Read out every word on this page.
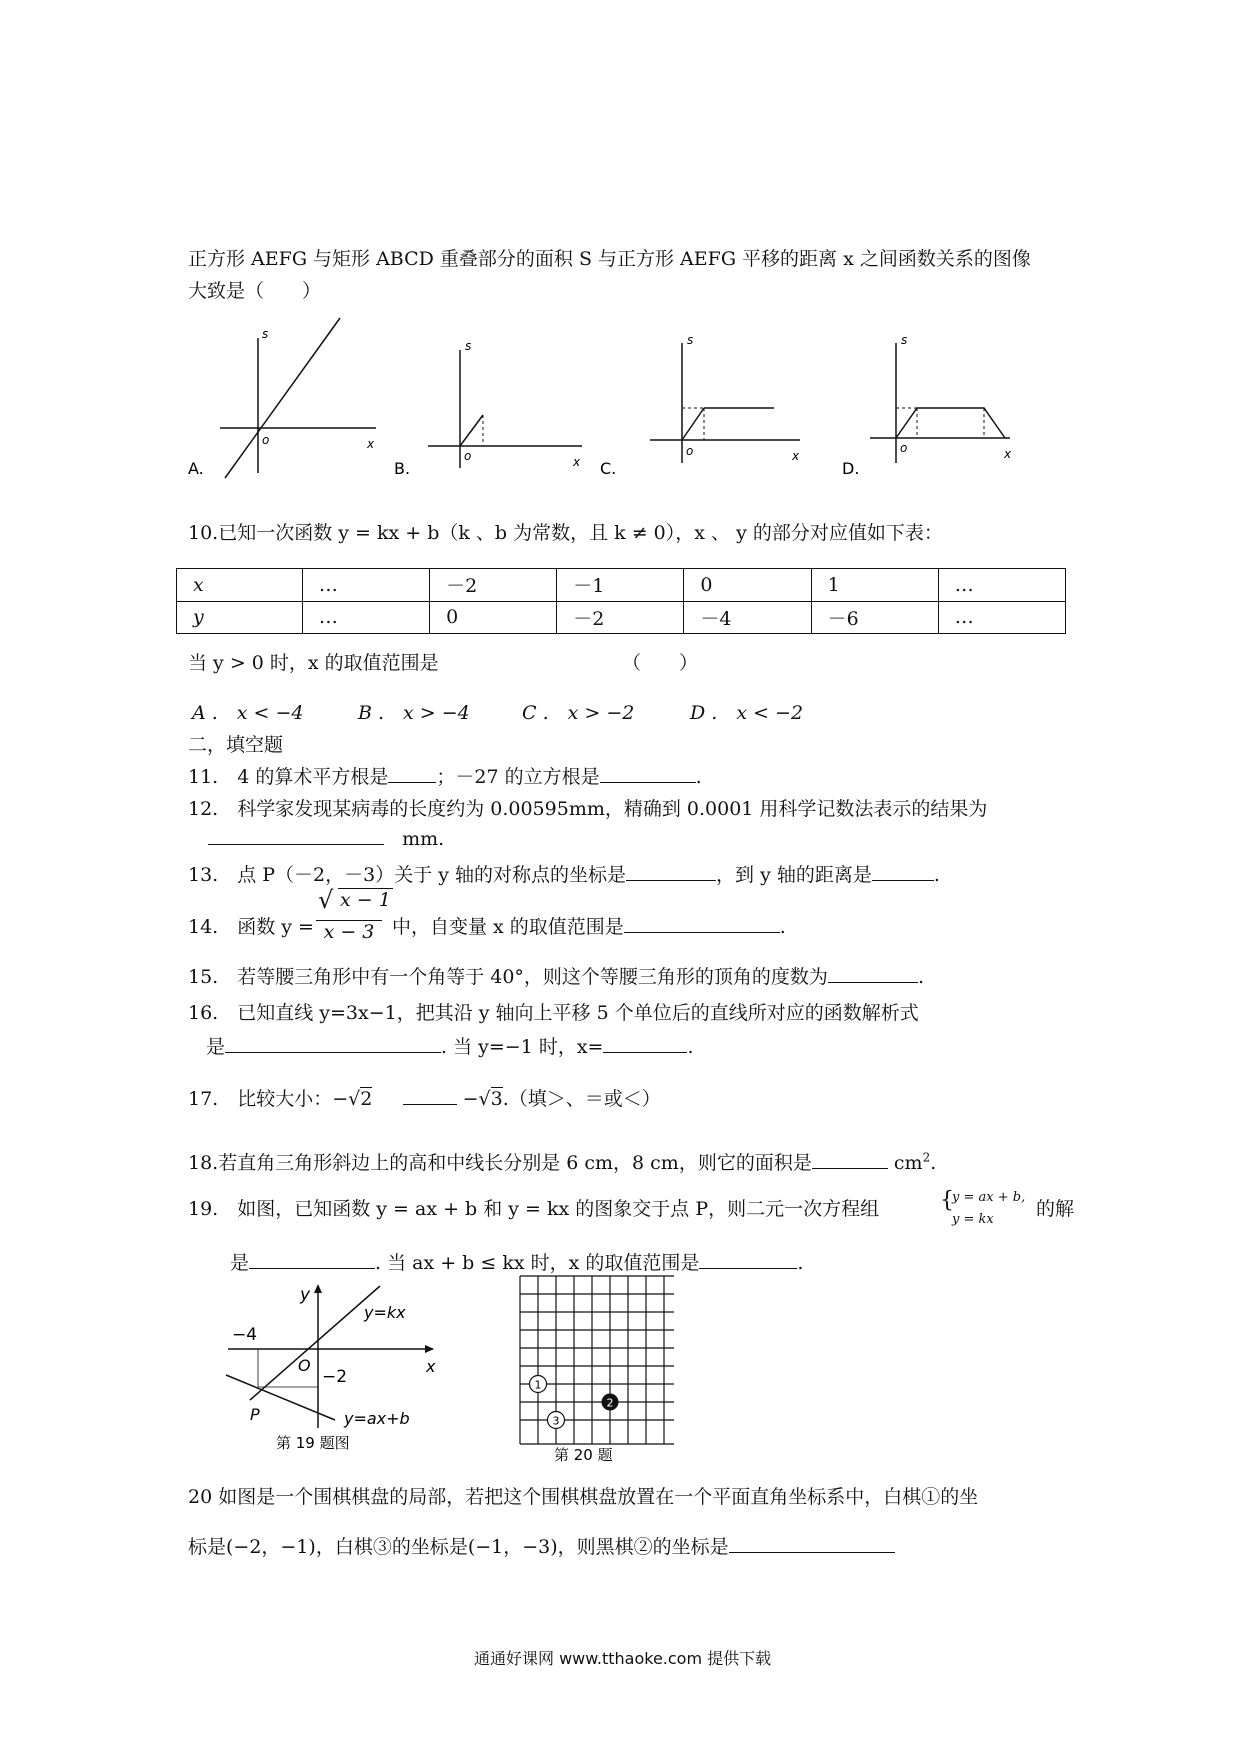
正方形 AEFG 与矩形 ABCD 重叠部分的面积 S 与正方形 AEFG 平移的距离 x 之间函数关系的图像
大致是（　　）
s
o	x
A.
s
o	x
B.
s
o	x
C.
s
o	x
D.
10.已知一次函数 y = kx + b（k 、b 为常数，且 k ≠ 0），x 、 y 的部分对应值如下表：
x	…	－2	－1	0	1	…
y	…	0	－2	－4	－6	…
当 y > 0 时，x 的取值范围是	（　　）
A .　x < −4	B .　x > −4	C .　x > −2	D .　x < −2
二，填空题
11.　4 的算术平方根是	；－27 的立方根是	.
12.　科学家发现某病毒的长度约为 0.00595mm，精确到 0.0001 用科学记数法表示的结果为
mm.
13.　点 P（－2，－3）关于 y 轴的对称点的坐标是	，到 y 轴的距离是	.
14.　函数 y =
√ x − 1
x − 3 中，自变量 x 的取值范围是	.
15.　若等腰三角形中有一个角等于 40°，则这个等腰三角形的顶角的度数为	.
16.　已知直线 y=3x−1，把其沿 y 轴向上平移 5 个单位后的直线所对应的函数解析式
是	. 当 y=−1 时，x=	.
17.　比较大小：−√2	−√3.（填＞、＝或＜）
18.若直角三角形斜边上的高和中线长分别是 6 cm，8 cm，则它的面积是	$cm^2$.
19.　如图，已知函数 y = ax + b 和 y = kx 的图象交于点 P，则二元一次方程组	{
y = ax + b,
y = kx 的解
是	. 当 ax + b ≤ kx 时，x 的取值范围是	.
y
x
O
−4
−2
P
y=kx
y=ax+b
第 19 题图
1
2
3
第 20 题
20 如图是一个围棋棋盘的局部，若把这个围棋棋盘放置在一个平面直角坐标系中，白棋①的坐
标是(−2，−1)，白棋③的坐标是(−1，−3)，则黑棋②的坐标是
通通好课网 www.tthaoke.com 提供下载
